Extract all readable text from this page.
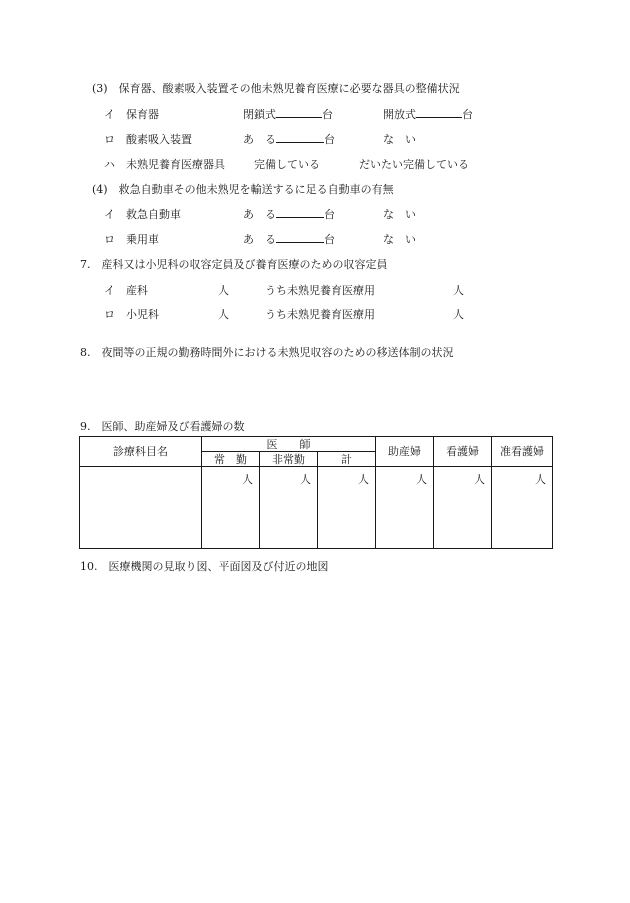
(3)　保育器、酸素吸入装置その他未熟児養育医療に必要な器具の整備状況
イ　保育器	閉鎖式	台	開放式	台
ロ　酸素吸入装置	あ　る	台	な　い
ハ　未熟児養育医療器具	完備している	だいたい完備している
(4)　救急自動車その他未熟児を輸送するに足る自動車の有無
イ　救急自動車	あ　る	台	な　い
ロ　乗用車	あ　る	台	な　い
7.　産科又は小児科の収容定員及び養育医療のための収容定員
イ　産科	人	うち未熟児養育医療用	人
ロ　小児科	人	うち未熟児養育医療用	人
8.　夜間等の正規の勤務時間外における未熟児収容のための移送体制の状況
9.　医師、助産婦及び看護婦の数
診療科目名	医　　師			助産婦	看護婦	准看護婦
	常　勤	非常勤	計			
	人	人	人	人	人	人
10.　医療機関の見取り図、平面図及び付近の地図
